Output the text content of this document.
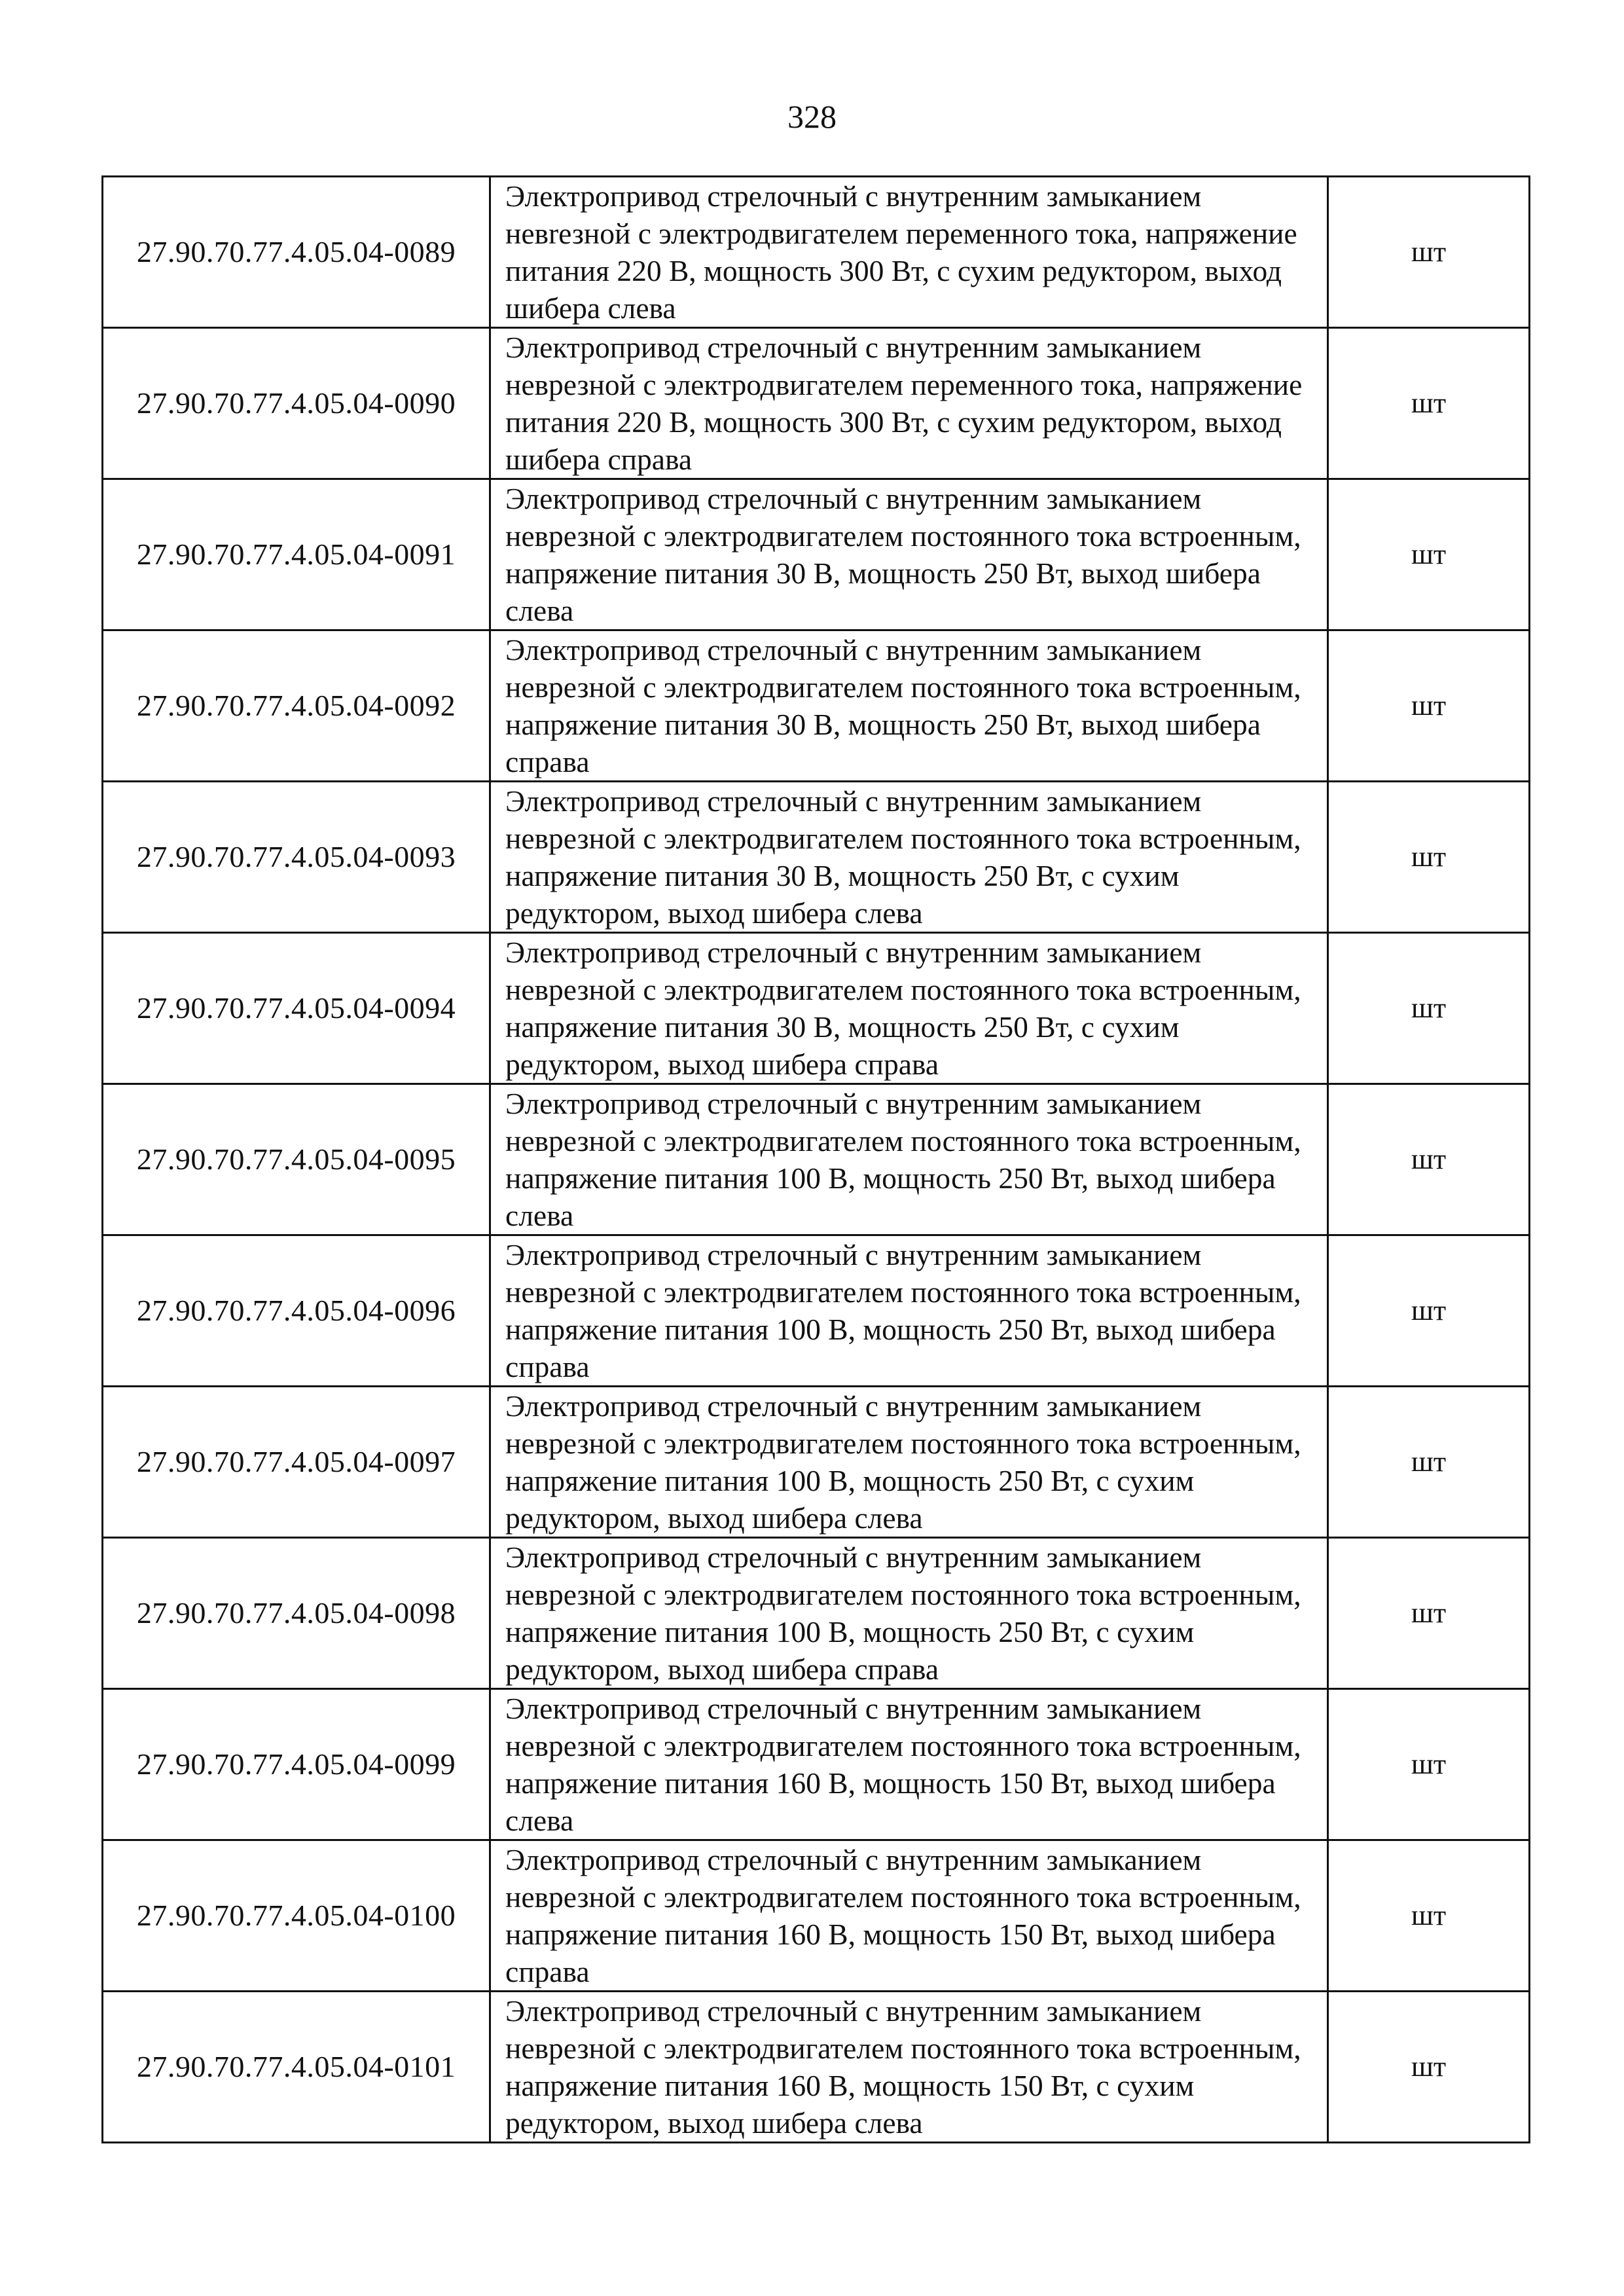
328
27.90.70.77.4.05.04-0089	Электропривод стрелочный с внутренним замыканием невrезной с электродвигателем переменного тока, напряжение питания 220 В, мощность 300 Вт, с сухим редуктором, выход шибера слева	шт
27.90.70.77.4.05.04-0090	Электропривод стрелочный с внутренним замыканием неврезной с электродвигателем переменного тока, напряжение питания 220 В, мощность 300 Вт, с сухим редуктором, выход шибера справа	шт
27.90.70.77.4.05.04-0091	Электропривод стрелочный с внутренним замыканием неврезной с электродвигателем постоянного тока встроенным, напряжение питания 30 В, мощность 250 Вт, выход шибера слева	шт
27.90.70.77.4.05.04-0092	Электропривод стрелочный с внутренним замыканием неврезной с электродвигателем постоянного тока встроенным, напряжение питания 30 В, мощность 250 Вт, выход шибера справа	шт
27.90.70.77.4.05.04-0093	Электропривод стрелочный с внутренним замыканием неврезной с электродвигателем постоянного тока встроенным, напряжение питания 30 В, мощность 250 Вт, с сухим редуктором, выход шибера слева	шт
27.90.70.77.4.05.04-0094	Электропривод стрелочный с внутренним замыканием неврезной с электродвигателем постоянного тока встроенным, напряжение питания 30 В, мощность 250 Вт, с сухим редуктором, выход шибера справа	шт
27.90.70.77.4.05.04-0095	Электропривод стрелочный с внутренним замыканием неврезной с электродвигателем постоянного тока встроенным, напряжение питания 100 В, мощность 250 Вт, выход шибера слева	шт
27.90.70.77.4.05.04-0096	Электропривод стрелочный с внутренним замыканием неврезной с электродвигателем постоянного тока встроенным, напряжение питания 100 В, мощность 250 Вт, выход шибера справа	шт
27.90.70.77.4.05.04-0097	Электропривод стрелочный с внутренним замыканием неврезной с электродвигателем постоянного тока встроенным, напряжение питания 100 В, мощность 250 Вт, с сухим редуктором, выход шибера слева	шт
27.90.70.77.4.05.04-0098	Электропривод стрелочный с внутренним замыканием неврезной с электродвигателем постоянного тока встроенным, напряжение питания 100 В, мощность 250 Вт, с сухим редуктором, выход шибера справа	шт
27.90.70.77.4.05.04-0099	Электропривод стрелочный с внутренним замыканием неврезной с электродвигателем постоянного тока встроенным, напряжение питания 160 В, мощность 150 Вт, выход шибера слева	шт
27.90.70.77.4.05.04-0100	Электропривод стрелочный с внутренним замыканием неврезной с электродвигателем постоянного тока встроенным, напряжение питания 160 В, мощность 150 Вт, выход шибера справа	шт
27.90.70.77.4.05.04-0101	Электропривод стрелочный с внутренним замыканием неврезной с электродвигателем постоянного тока встроенным, напряжение питания 160 В, мощность 150 Вт, с сухим редуктором, выход шибера слева	шт
